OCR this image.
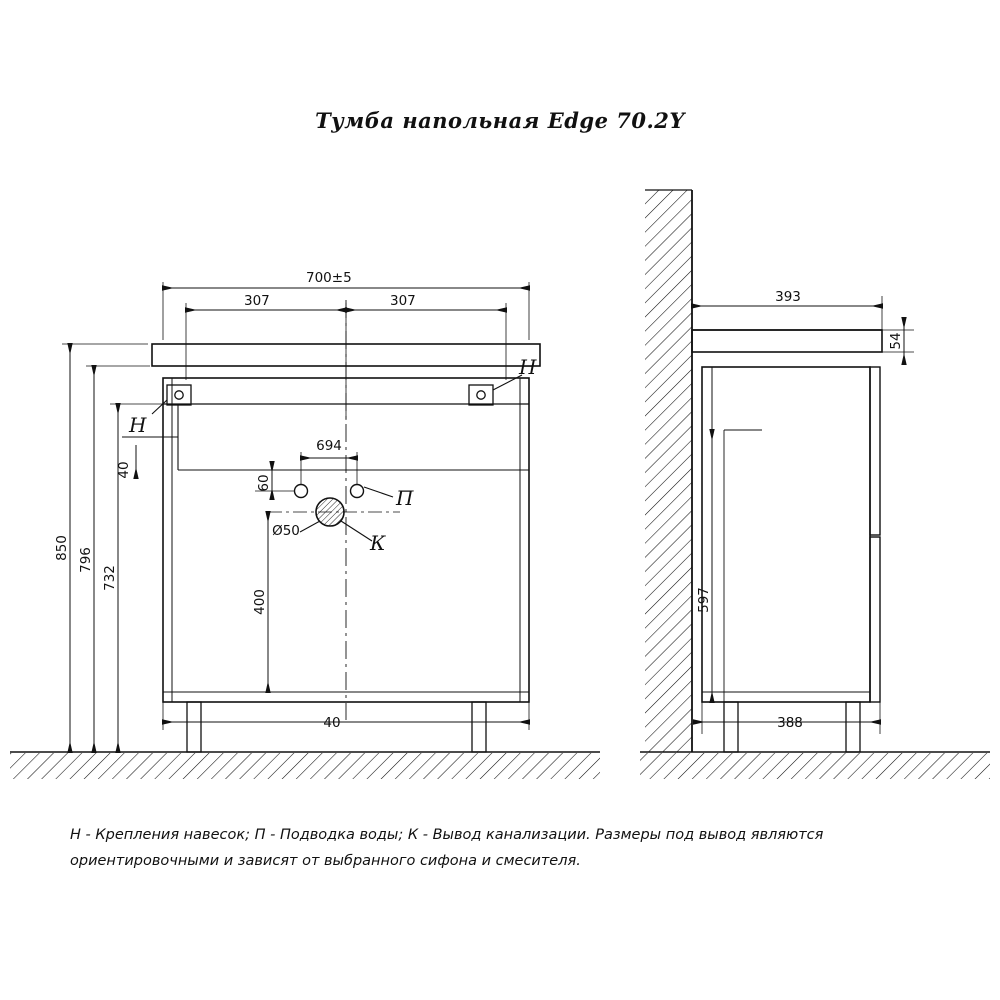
Тумба напольная Edge 70.2Y
Н
Н
П
К
700±5
307	307
850 796
732
40
694
60
Ø50
400
40
393
54
597
388
Н - Крепления навесок; П - Подводка воды; К - Вывод канализации. Размеры под вывод являются
ориентировочными и зависят от выбранного сифона и смесителя.
